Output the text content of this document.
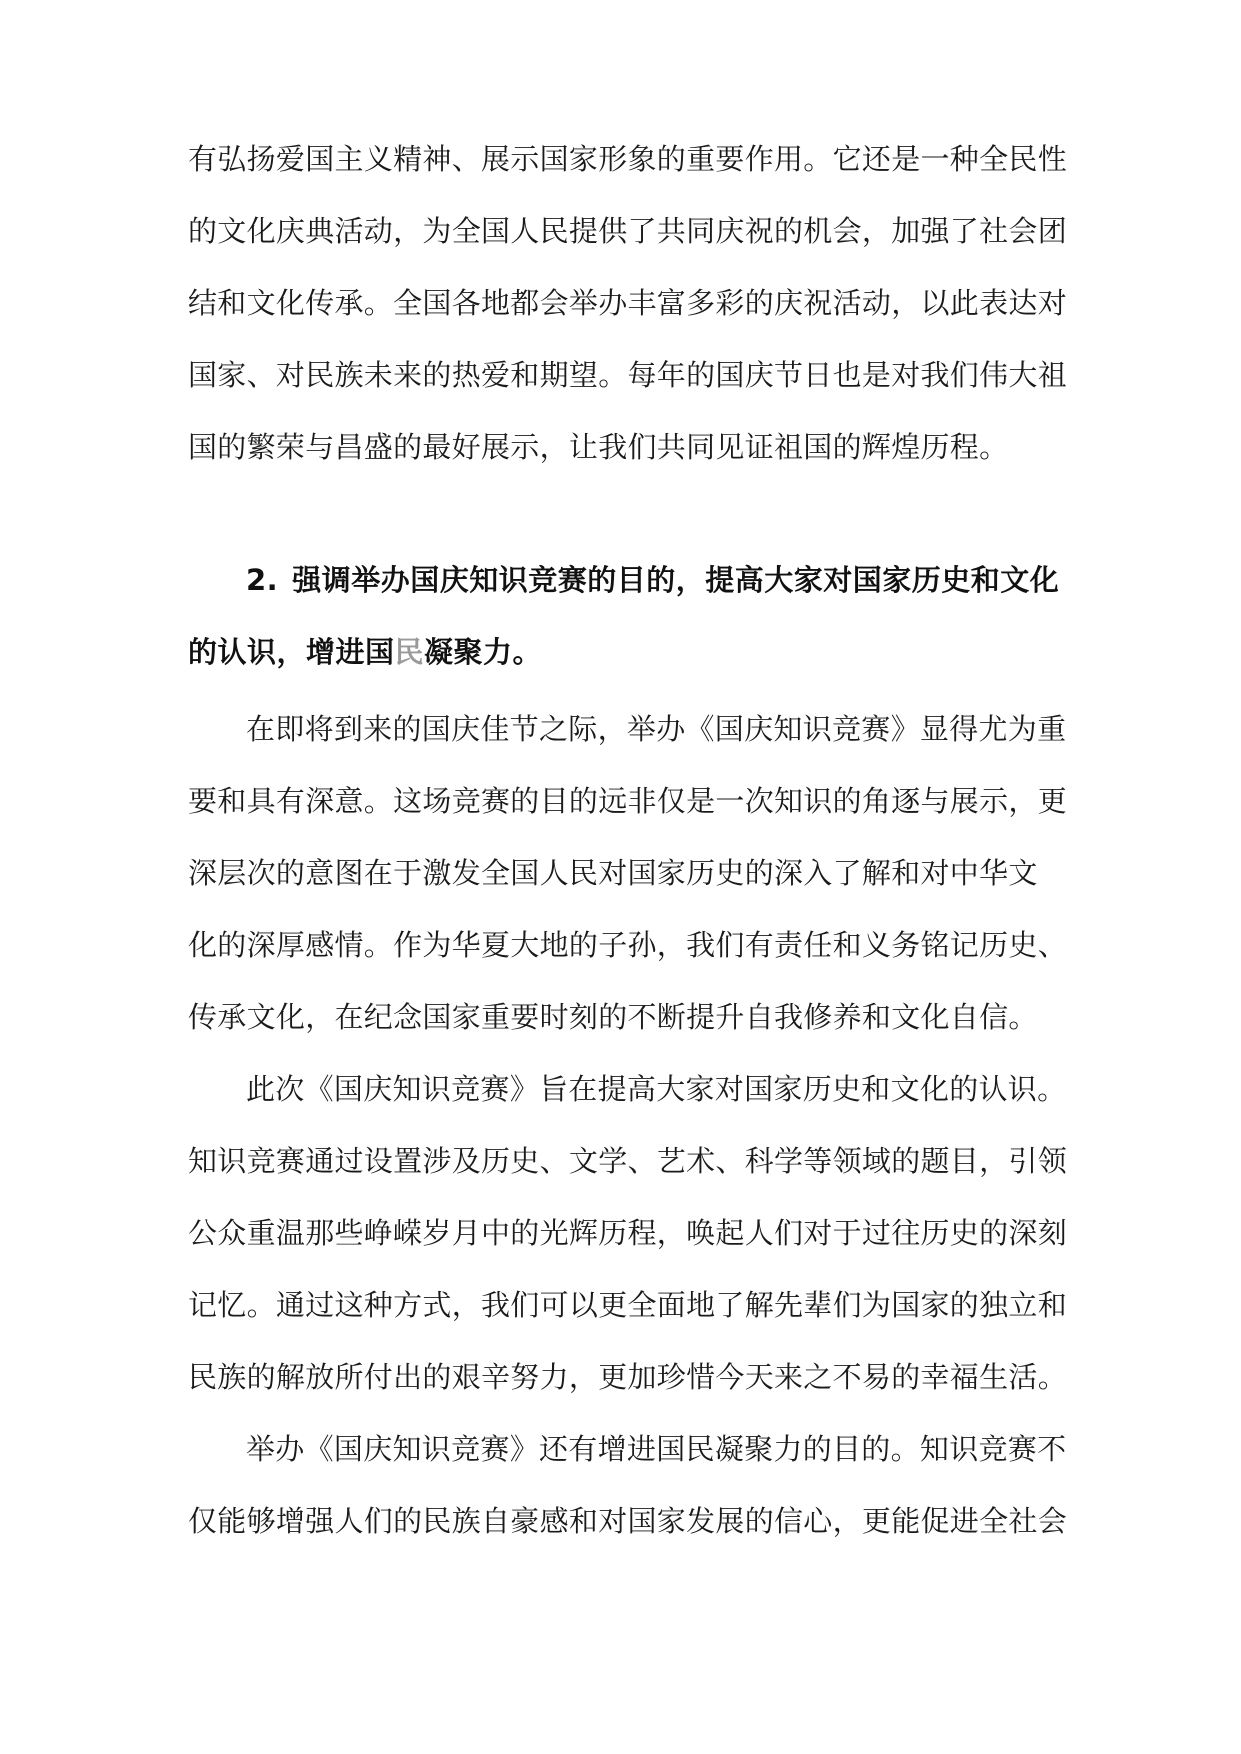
有弘扬爱国主义精神、展示国家形象的重要作用。它还是一种全民性

的文化庆典活动，为全国人民提供了共同庆祝的机会，加强了社会团

结和文化传承。全国各地都会举办丰富多彩的庆祝活动，以此表达对

国家、对民族未来的热爱和期望。每年的国庆节日也是对我们伟大祖

国的繁荣与昌盛的最好展示，让我们共同见证祖国的辉煌历程。

2. 强调举办国庆知识竞赛的目的，提高大家对国家历史和文化

的认识，增进国民凝聚力。

在即将到来的国庆佳节之际，举办《国庆知识竞赛》显得尤为重

要和具有深意。这场竞赛的目的远非仅是一次知识的角逐与展示，更

深层次的意图在于激发全国人民对国家历史的深入了解和对中华文

化的深厚感情。作为华夏大地的子孙，我们有责任和义务铭记历史、

传承文化，在纪念国家重要时刻的不断提升自我修养和文化自信。

此次《国庆知识竞赛》旨在提高大家对国家历史和文化的认识。

知识竞赛通过设置涉及历史、文学、艺术、科学等领域的题目，引领

公众重温那些峥嵘岁月中的光辉历程，唤起人们对于过往历史的深刻

记忆。通过这种方式，我们可以更全面地了解先辈们为国家的独立和

民族的解放所付出的艰辛努力，更加珍惜今天来之不易的幸福生活。

举办《国庆知识竞赛》还有增进国民凝聚力的目的。知识竞赛不

仅能够增强人们的民族自豪感和对国家发展的信心，更能促进全社会
